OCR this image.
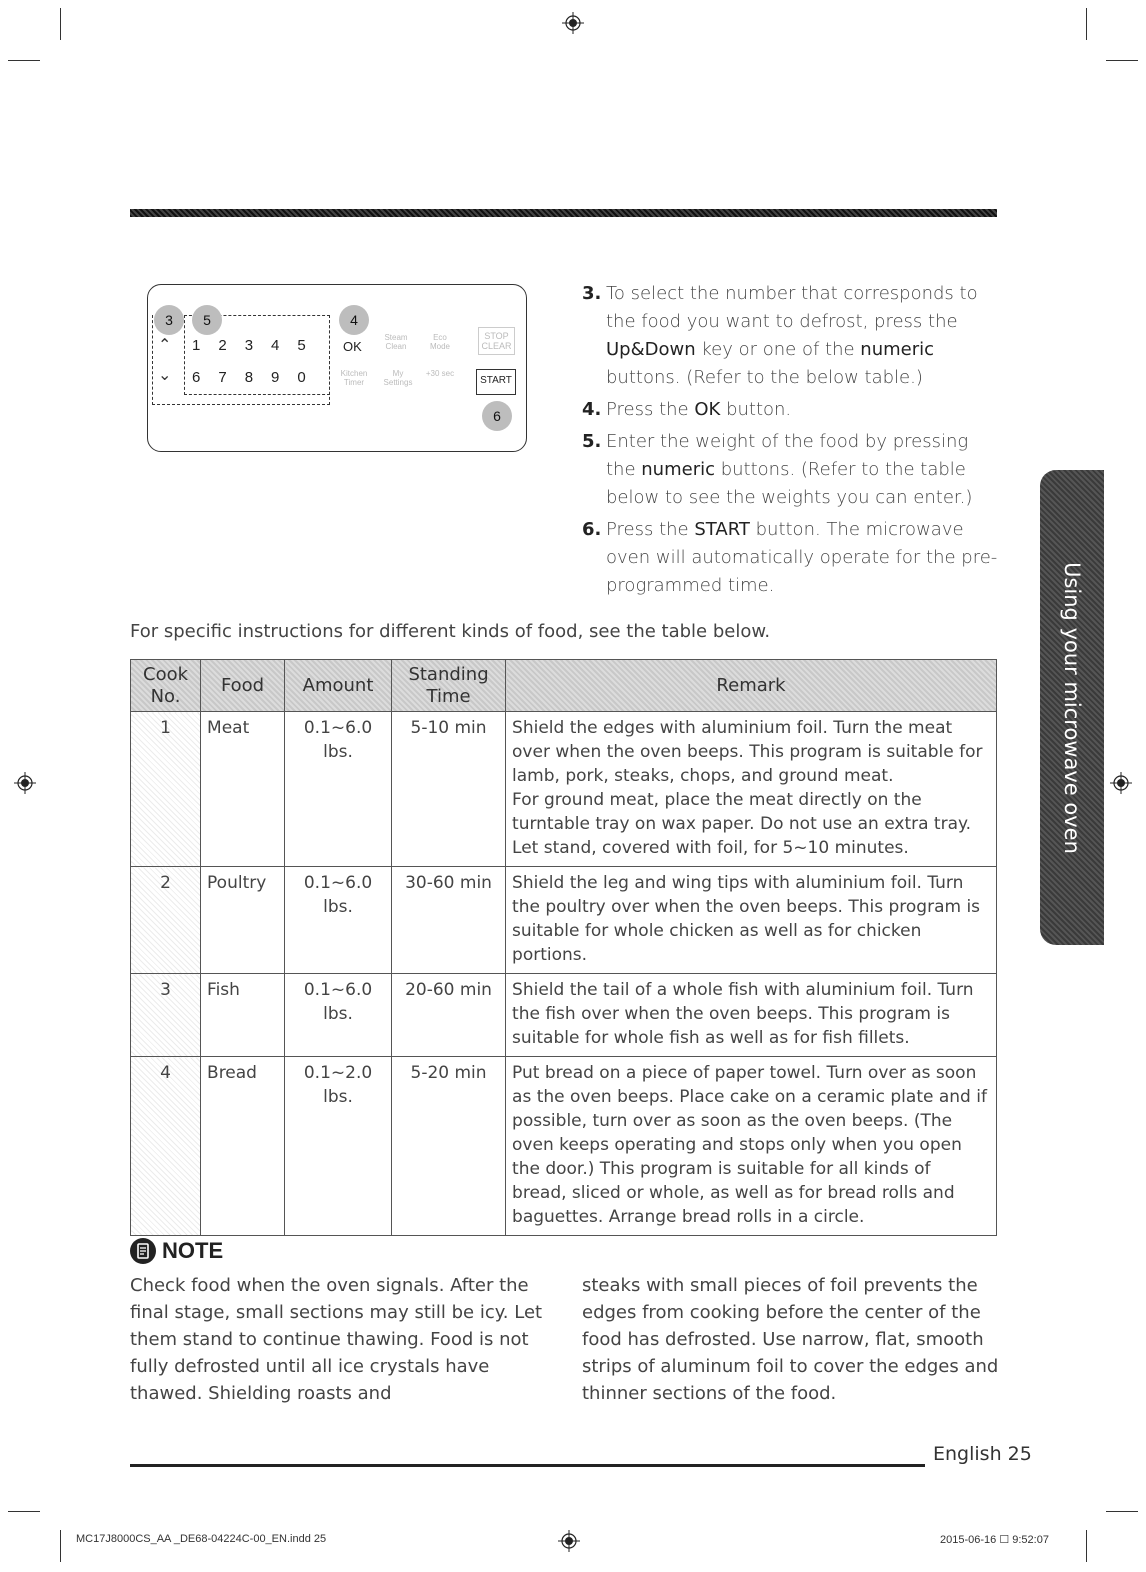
3	5	4
6
⌃
⌄
1 2 3 4 5
6 7 8 9 0
OK
Steam Clean
Eco Mode
Kitchen Timer
My Settings
+30 sec
STOP CLEAR
START
3. To select the number that corresponds to the food you want to defrost, press the Up&Down key or one of the numeric buttons. (Refer to the below table.)
4. Press the OK button.
5. Enter the weight of the food by pressing the numeric buttons. (Refer to the table below to see the weights you can enter.)
6. Press the START button. The microwave oven will automatically operate for the pre-programmed time.
For specific instructions for different kinds of food, see the table below.
Cook No.	Food	Amount	Standing Time	Remark
1	Meat	0.1~6.0 lbs.	5-10 min	Shield the edges with aluminium foil. Turn the meat over when the oven beeps. This program is suitable for lamb, pork, steaks, chops, and ground meat.
For ground meat, place the meat directly on the turntable tray on wax paper. Do not use an extra tray. Let stand, covered with foil, for 5~10 minutes.
2	Poultry	0.1~6.0 lbs.	30-60 min	Shield the leg and wing tips with aluminium foil. Turn the poultry over when the oven beeps. This program is suitable for whole chicken as well as for chicken portions.
3	Fish	0.1~6.0 lbs.	20-60 min	Shield the tail of a whole fish with aluminium foil. Turn the fish over when the oven beeps. This program is suitable for whole fish as well as for fish fillets.
4	Bread	0.1~2.0 lbs.	5-20 min	Put bread on a piece of paper towel. Turn over as soon as the oven beeps. Place cake on a ceramic plate and if possible, turn over as soon as the oven beeps. (The oven keeps operating and stops only when you open the door.) This program is suitable for all kinds of bread, sliced or whole, as well as for bread rolls and baguettes. Arrange bread rolls in a circle.
NOTE
Check food when the oven signals. After the final stage, small sections may still be icy. Let them stand to continue thawing. Food is not fully defrosted until all ice crystals have thawed. Shielding roasts and
steaks with small pieces of foil prevents the edges from cooking before the center of the food has defrosted. Use narrow, flat, smooth strips of aluminum foil to cover the edges and thinner sections of the food.
Using your microwave oven
English 25
MC17J8000CS_AA _DE68-04224C-00_EN.indd 25	2015-06-16 ☐ 9:52:07
